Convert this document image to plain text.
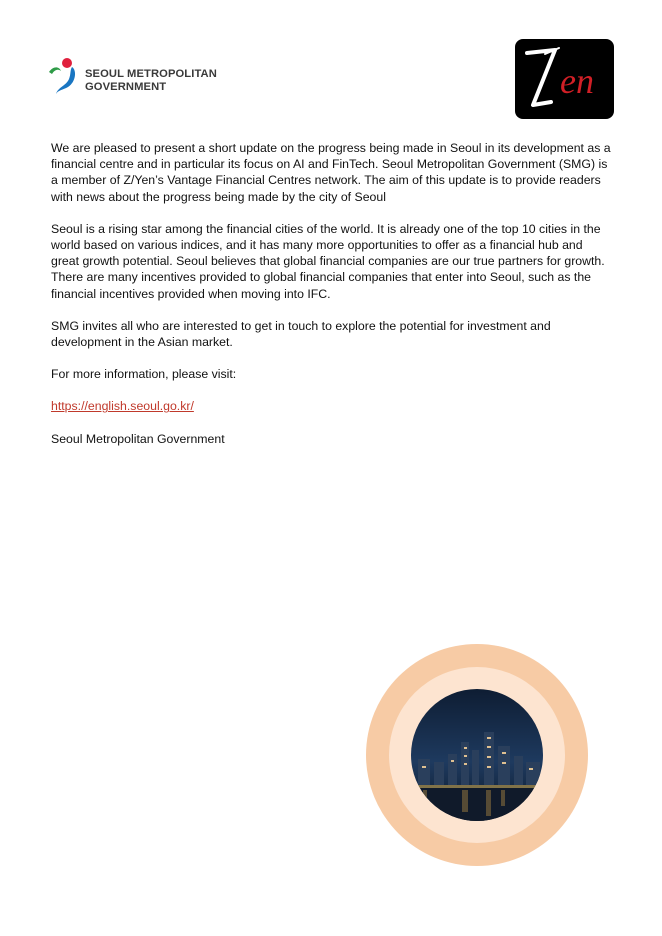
SEOUL METROPOLITAN
GOVERNMENT	en

We are pleased to present a short update on the progress being made in Seoul in its development as a financial centre and in particular its focus on AI and FinTech. Seoul Metropolitan Government (SMG) is a member of Z/Yen’s Vantage Financial Centres network. The aim of this update is to provide readers with news about the progress being made by the city of Seoul

Seoul is a rising star among the financial cities of the world. It is already one of the top 10 cities in the world based on various indices, and it has many more opportunities to offer as a financial hub and great growth potential. Seoul believes that global financial companies are our true partners for growth. There are many incentives provided to global financial companies that enter into Seoul, such as the financial incentives provided when moving into IFC.

SMG invites all who are interested to get in touch to explore the potential for investment and development in the Asian market.

For more information, please visit:

https://english.seoul.go.kr/

Seoul Metropolitan Government
